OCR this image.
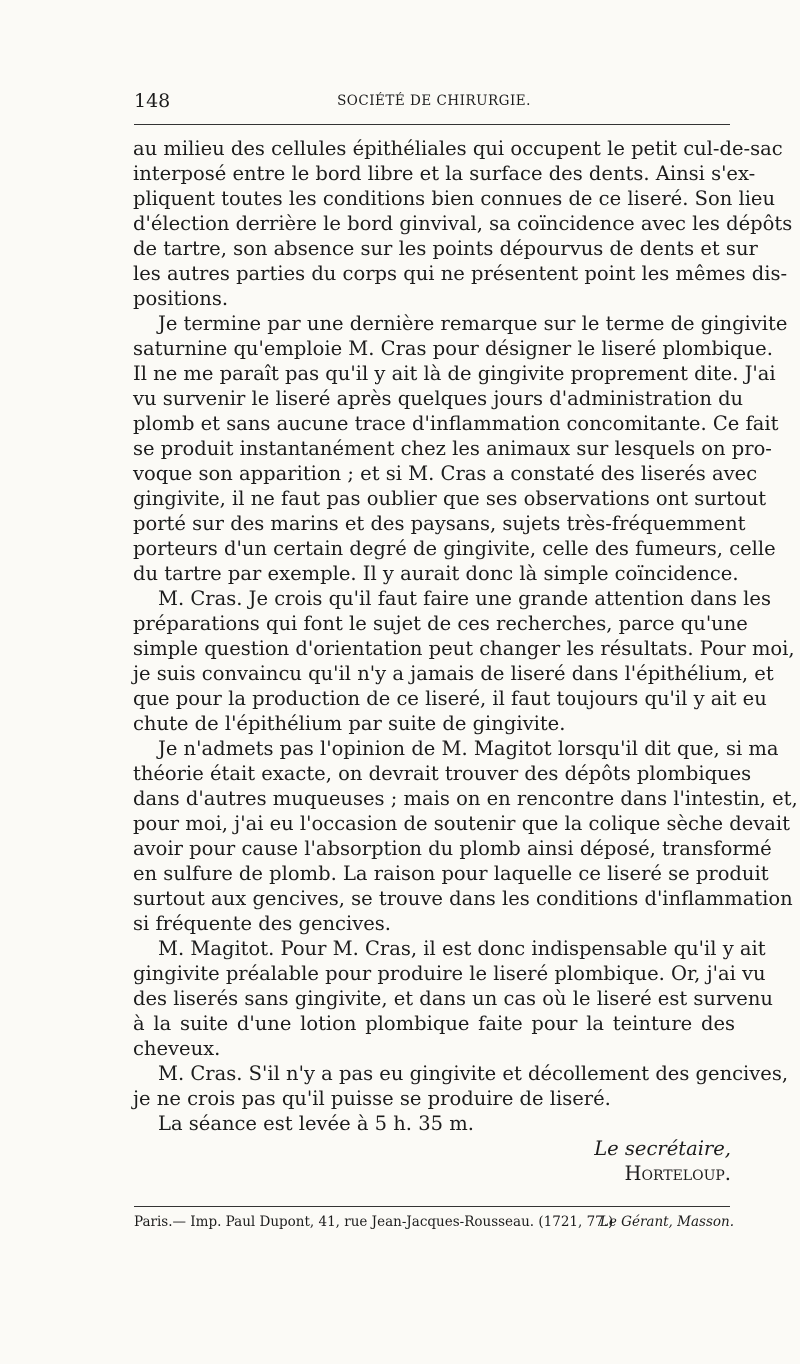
148	SOCIÉTÉ DE CHIRURGIE.
au milieu des cellules épithéliales qui occupent le petit cul-de-sac
interposé entre le bord libre et la surface des dents. Ainsi s'ex-
pliquent toutes les conditions bien connues de ce liseré. Son lieu
d'élection derrière le bord ginvival, sa coïncidence avec les dépôts
de tartre, son absence sur les points dépourvus de dents et sur
les autres parties du corps qui ne présentent point les mêmes dis-
positions.
Je termine par une dernière remarque sur le terme de gingivite
saturnine qu'emploie M. Cras pour désigner le liseré plombique.
Il ne me paraît pas qu'il y ait là de gingivite proprement dite. J'ai
vu survenir le liseré après quelques jours d'administration du
plomb et sans aucune trace d'inflammation concomitante. Ce fait
se produit instantanément chez les animaux sur lesquels on pro-
voque son apparition ; et si M. Cras a constaté des liserés avec
gingivite, il ne faut pas oublier que ses observations ont surtout
porté sur des marins et des paysans, sujets très-fréquemment
porteurs d'un certain degré de gingivite, celle des fumeurs, celle
du tartre par exemple. Il y aurait donc là simple coïncidence.
M. Cras. Je crois qu'il faut faire une grande attention dans les
préparations qui font le sujet de ces recherches, parce qu'une
simple question d'orientation peut changer les résultats. Pour moi,
je suis convaincu qu'il n'y a jamais de liseré dans l'épithélium, et
que pour la production de ce liseré, il faut toujours qu'il y ait eu
chute de l'épithélium par suite de gingivite.
Je n'admets pas l'opinion de M. Magitot lorsqu'il dit que, si ma
théorie était exacte, on devrait trouver des dépôts plombiques
dans d'autres muqueuses ; mais on en rencontre dans l'intestin, et,
pour moi, j'ai eu l'occasion de soutenir que la colique sèche devait
avoir pour cause l'absorption du plomb ainsi déposé, transformé
en sulfure de plomb. La raison pour laquelle ce liseré se produit
surtout aux gencives, se trouve dans les conditions d'inflammation
si fréquente des gencives.
M. Magitot. Pour M. Cras, il est donc indispensable qu'il y ait
gingivite préalable pour produire le liseré plombique. Or, j'ai vu
des liserés sans gingivite, et dans un cas où le liseré est survenu
à la suite d'une lotion plombique faite pour la teinture des
cheveux.
M. Cras. S'il n'y a pas eu gingivite et décollement des gencives,
je ne crois pas qu'il puisse se produire de liseré.
La séance est levée à 5 h. 35 m.
Le secrétaire,
Horteloup.
Paris.— Imp. Paul Dupont, 41, rue Jean-Jacques-Rousseau. (1721, 77.)
Le Gérant, Masson.
